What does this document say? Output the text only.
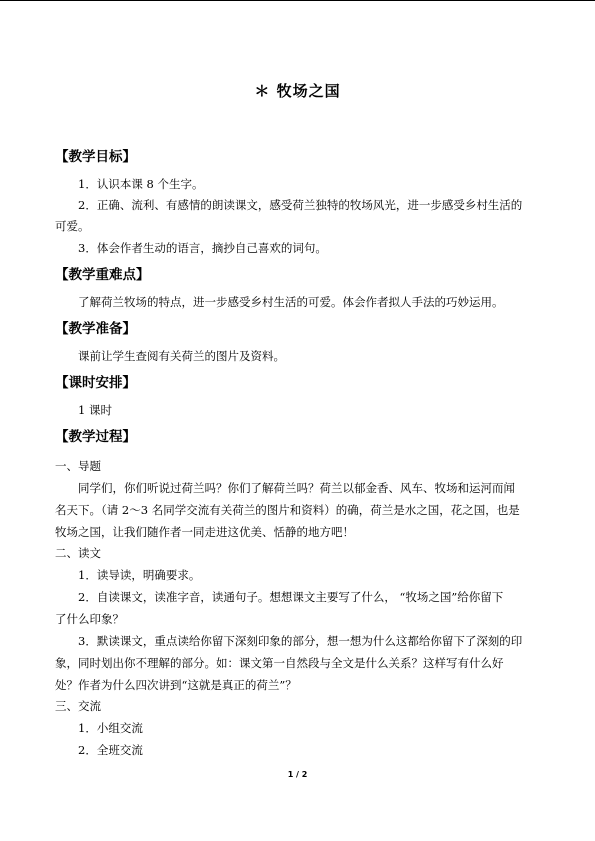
＊ 牧场之国
【教学目标】
1．认识本课 8 个生字。
2．正确、流利、有感情的朗读课文，感受荷兰独特的牧场风光，进一步感受乡村生活的
可爱。
3．体会作者生动的语言，摘抄自己喜欢的词句。
【教学重难点】
了解荷兰牧场的特点，进一步感受乡村生活的可爱。体会作者拟人手法的巧妙运用。
【教学准备】
课前让学生查阅有关荷兰的图片及资料。
【课时安排】
1 课时
【教学过程】
一、导题
同学们，你们听说过荷兰吗？你们了解荷兰吗？荷兰以郁金香、风车、牧场和运河而闻
名天下。（请 2～3 名同学交流有关荷兰的图片和资料）的确，荷兰是水之国，花之国，也是
牧场之国，让我们随作者一同走进这优美、恬静的地方吧！
二、读文
1．读导读，明确要求。
2．自读课文，读准字音，读通句子。想想课文主要写了什么， “牧场之国”给你留下
了什么印象？
3．默读课文，重点读给你留下深刻印象的部分，想一想为什么这都给你留下了深刻的印
象，同时划出你不理解的部分。如：课文第一自然段与全文是什么关系？这样写有什么好
处？作者为什么四次讲到“这就是真正的荷兰”？
三、交流
1．小组交流
2．全班交流
1 / 2
